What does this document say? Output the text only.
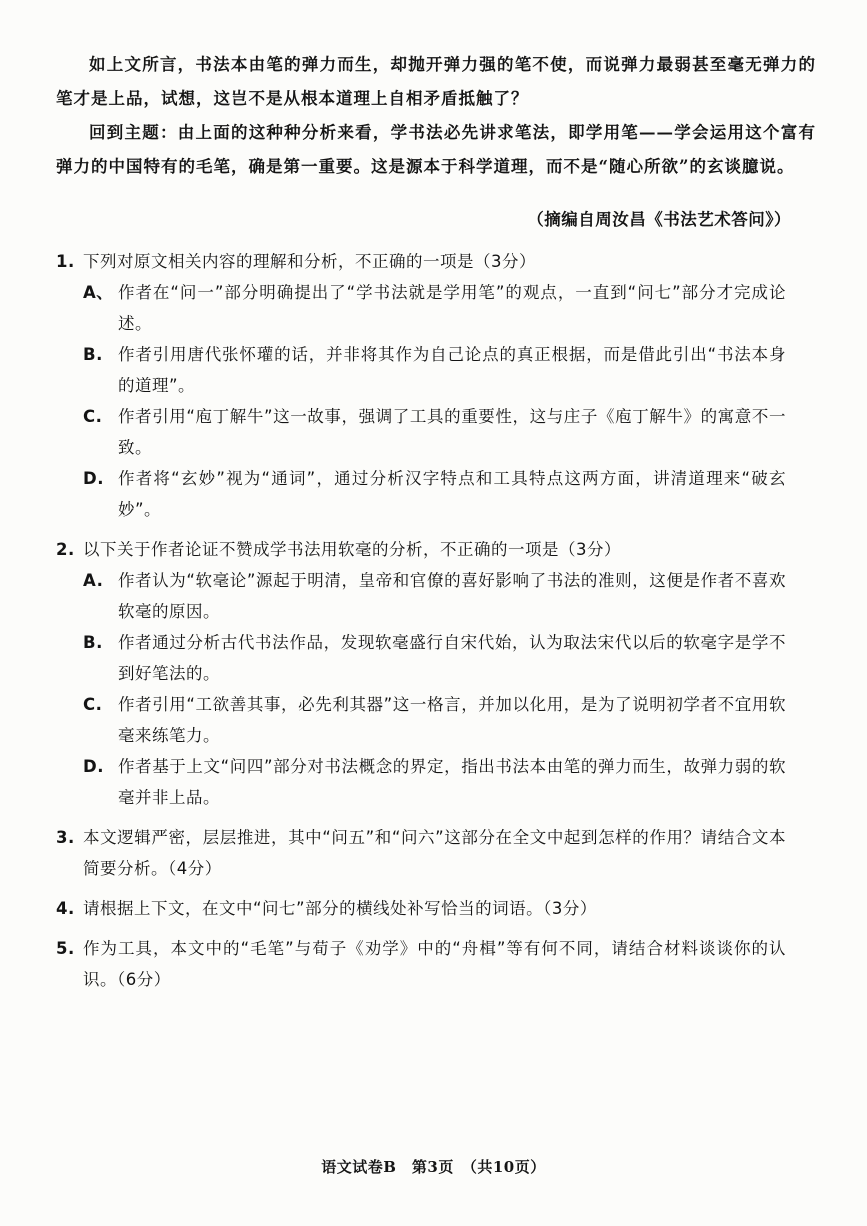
如上文所言，书法本由笔的弹力而生，却抛开弹力强的笔不使，而说弹力最弱甚至毫无弹力的笔才是上品，试想，这岂不是从根本道理上自相矛盾抵触了？

回到主题：由上面的这种种分析来看，学书法必先讲求笔法，即学用笔——学会运用这个富有弹力的中国特有的毛笔，确是第一重要。这是源本于科学道理，而不是“随心所欲”的玄谈臆说。

（摘编自周汝昌《书法艺术答问》）
1. 下列对原文相关内容的理解和分析，不正确的一项是（3分）
A、 作者在“问一”部分明确提出了“学书法就是学用笔”的观点，一直到“问七”部分才完成论述。
B. 作者引用唐代张怀瓘的话，并非将其作为自己论点的真正根据，而是借此引出“书法本身的道理”。
C. 作者引用“庖丁解牛”这一故事，强调了工具的重要性，这与庄子《庖丁解牛》的寓意不一致。
D. 作者将“玄妙”视为“通词”，通过分析汉字特点和工具特点这两方面，讲清道理来“破玄妙”。
2. 以下关于作者论证不赞成学书法用软毫的分析，不正确的一项是（3分）
A. 作者认为“软毫论”源起于明清，皇帝和官僚的喜好影响了书法的准则，这便是作者不喜欢软毫的原因。
B. 作者通过分析古代书法作品，发现软毫盛行自宋代始，认为取法宋代以后的软毫字是学不到好笔法的。
C. 作者引用“工欲善其事，必先利其器”这一格言，并加以化用，是为了说明初学者不宜用软毫来练笔力。
D. 作者基于上文“问四”部分对书法概念的界定，指出书法本由笔的弹力而生，故弹力弱的软毫并非上品。
3. 本文逻辑严密，层层推进，其中“问五”和“问六”这部分在全文中起到怎样的作用？请结合文本简要分析。（4分）
4. 请根据上下文，在文中“问七”部分的横线处补写恰当的词语。（3分）
5. 作为工具，本文中的“毛笔”与荀子《劝学》中的“舟楫”等有何不同，请结合材料谈谈你的认识。（6分）
语文试卷B　第3页　（共10页）
